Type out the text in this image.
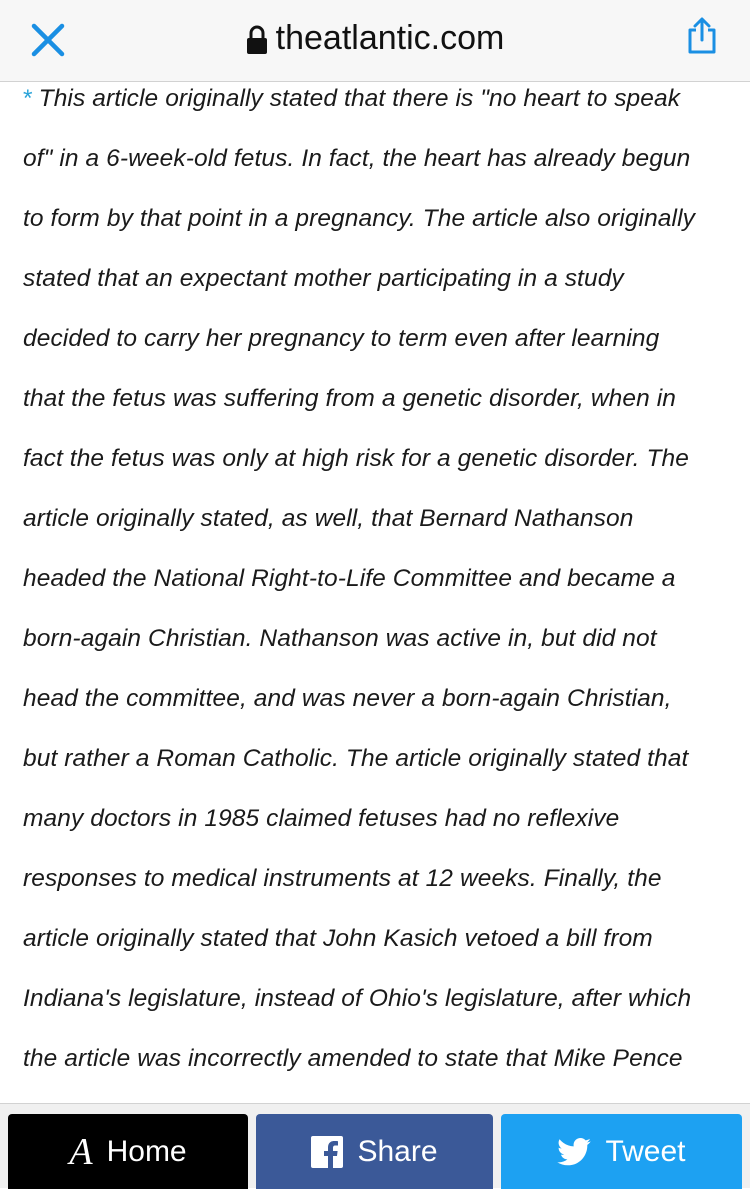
theatlantic.com
* This article originally stated that there is "no heart to speak
of" in a 6-week-old fetus. In fact, the heart has already begun
to form by that point in a pregnancy. The article also originally
stated that an expectant mother participating in a study
decided to carry her pregnancy to term even after learning
that the fetus was suffering from a genetic disorder, when in
fact the fetus was only at high risk for a genetic disorder. The
article originally stated, as well, that Bernard Nathanson
headed the National Right-to-Life Committee and became a
born-again Christian. Nathanson was active in, but did not
head the committee, and was never a born-again Christian,
but rather a Roman Catholic. The article originally stated that
many doctors in 1985 claimed fetuses had no reflexive
responses to medical instruments at 12 weeks. Finally, the
article originally stated that John Kasich vetoed a bill from
Indiana's legislature, instead of Ohio's legislature, after which
the article was incorrectly amended to state that Mike Pence
A Home	Share	Tweet
